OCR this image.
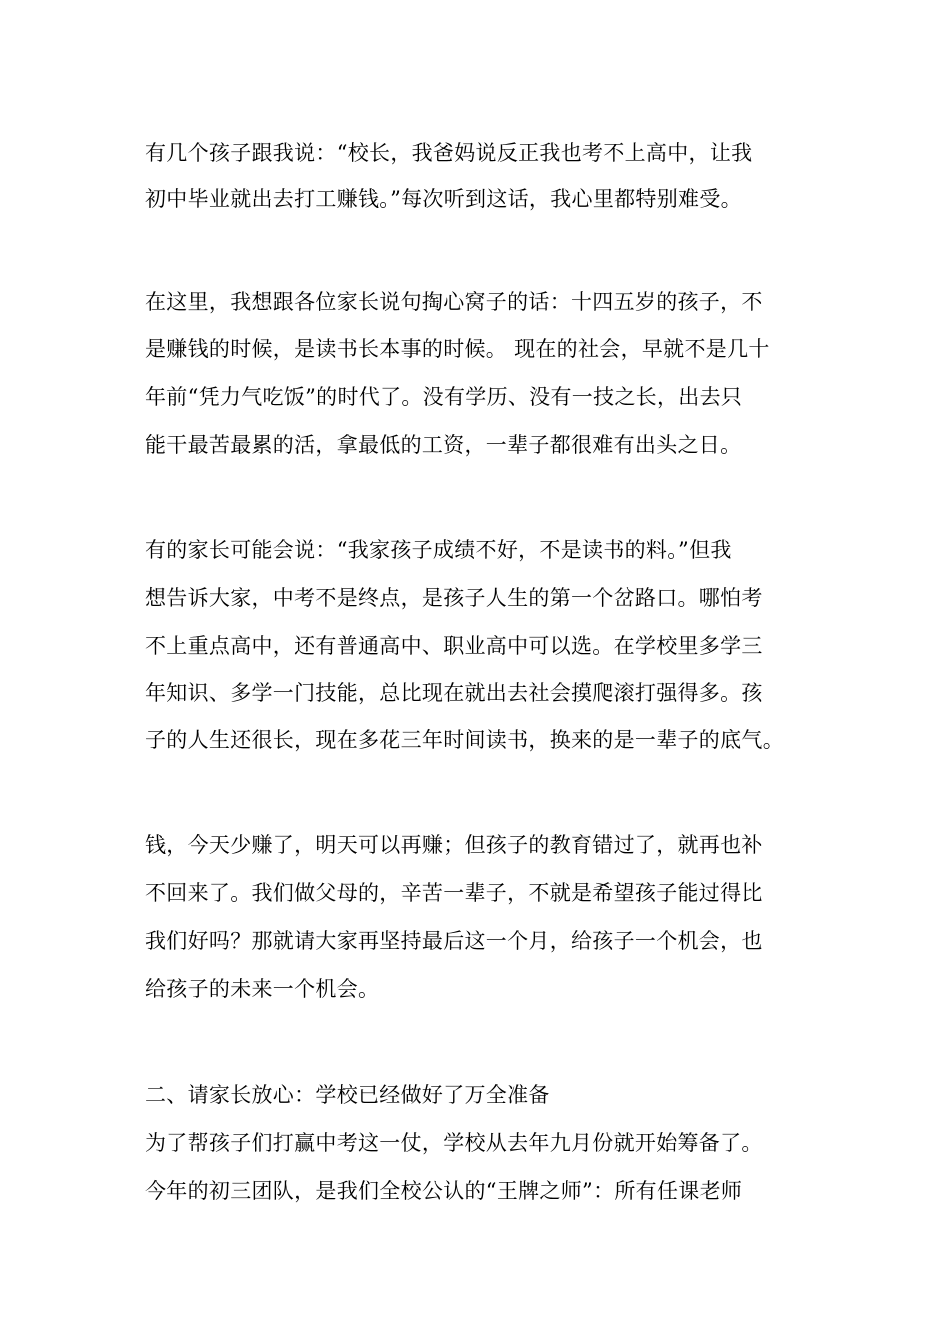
有几个孩子跟我说：“校长，我爸妈说反正我也考不上高中，让我
初中毕业就出去打工赚钱。”每次听到这话，我心里都特别难受。
在这里，我想跟各位家长说句掏心窝子的话：十四五岁的孩子，不
是赚钱的时候，是读书长本事的时候。 现在的社会，早就不是几十
年前“凭力气吃饭”的时代了。没有学历、没有一技之长，出去只
能干最苦最累的活，拿最低的工资，一辈子都很难有出头之日。
有的家长可能会说：“我家孩子成绩不好，不是读书的料。”但我
想告诉大家，中考不是终点，是孩子人生的第一个岔路口。哪怕考
不上重点高中，还有普通高中、职业高中可以选。在学校里多学三
年知识、多学一门技能，总比现在就出去社会摸爬滚打强得多。孩
子的人生还很长，现在多花三年时间读书，换来的是一辈子的底气。
钱，今天少赚了，明天可以再赚；但孩子的教育错过了，就再也补
不回来了。我们做父母的，辛苦一辈子，不就是希望孩子能过得比
我们好吗？那就请大家再坚持最后这一个月，给孩子一个机会，也
给孩子的未来一个机会。
二、请家长放心：学校已经做好了万全准备
为了帮孩子们打赢中考这一仗，学校从去年九月份就开始筹备了。
今年的初三团队，是我们全校公认的“王牌之师”：所有任课老师
